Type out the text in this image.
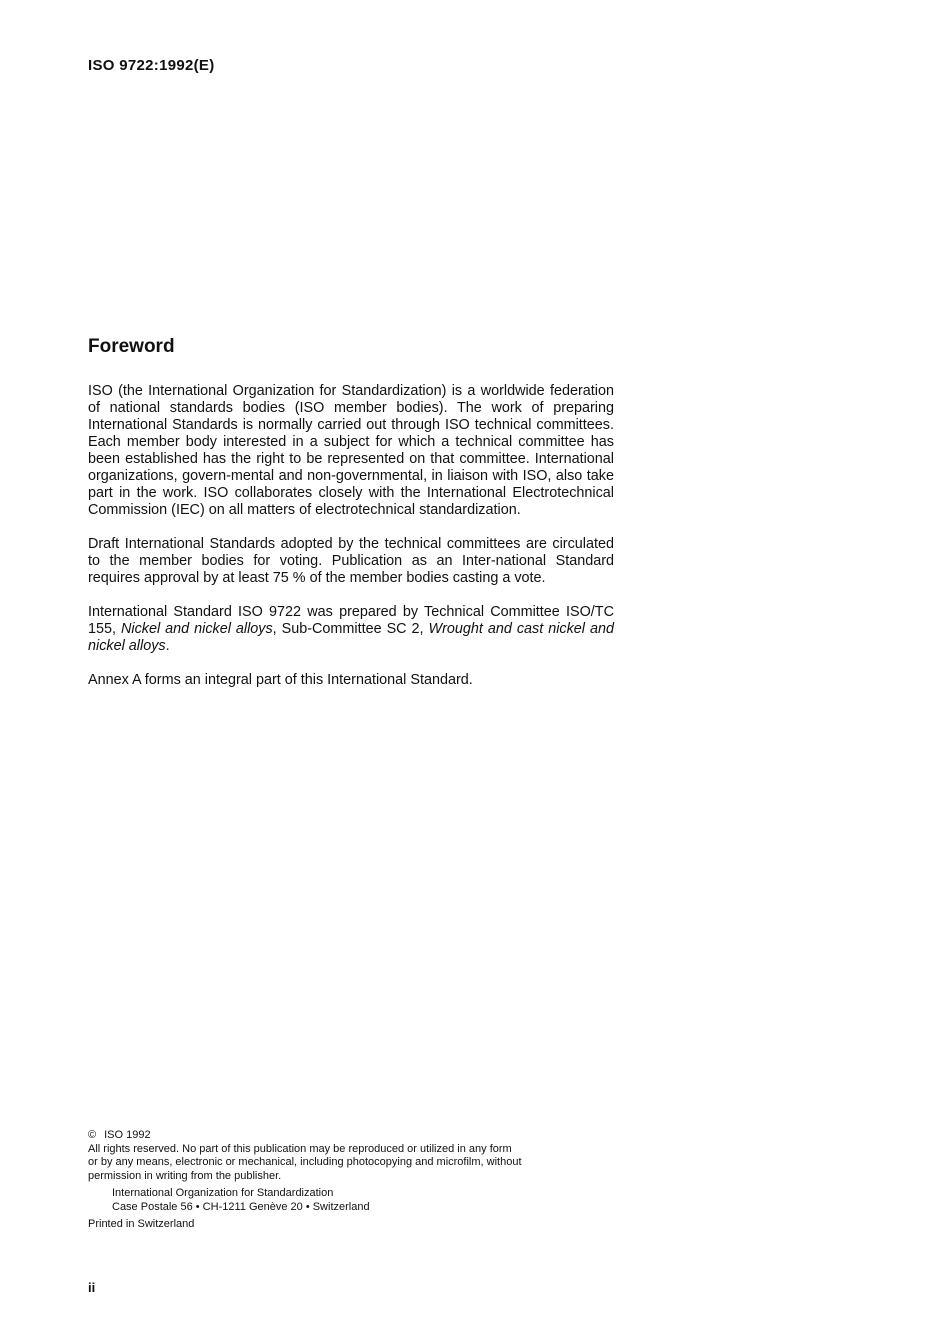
ISO 9722:1992(E)
Foreword

ISO (the International Organization for Standardization) is a worldwide federation of national standards bodies (ISO member bodies). The work of preparing International Standards is normally carried out through ISO technical committees. Each member body interested in a subject for which a technical committee has been established has the right to be represented on that committee. International organizations, govern-mental and non-governmental, in liaison with ISO, also take part in the work. ISO collaborates closely with the International Electrotechnical Commission (IEC) on all matters of electrotechnical standardization.

Draft International Standards adopted by the technical committees are circulated to the member bodies for voting. Publication as an Inter-national Standard requires approval by at least 75 % of the member bodies casting a vote.

International Standard ISO 9722 was prepared by Technical Committee ISO/TC 155, Nickel and nickel alloys, Sub-Committee SC 2, Wrought and cast nickel and nickel alloys.

Annex A forms an integral part of this International Standard.

© ISO 1992
All rights reserved. No part of this publication may be reproduced or utilized in any form
or by any means, electronic or mechanical, including photocopying and microfilm, without
permission in writing from the publisher.
International Organization for Standardization
Case Postale 56 • CH-1211 Genève 20 • Switzerland
Printed in Switzerland
ii
